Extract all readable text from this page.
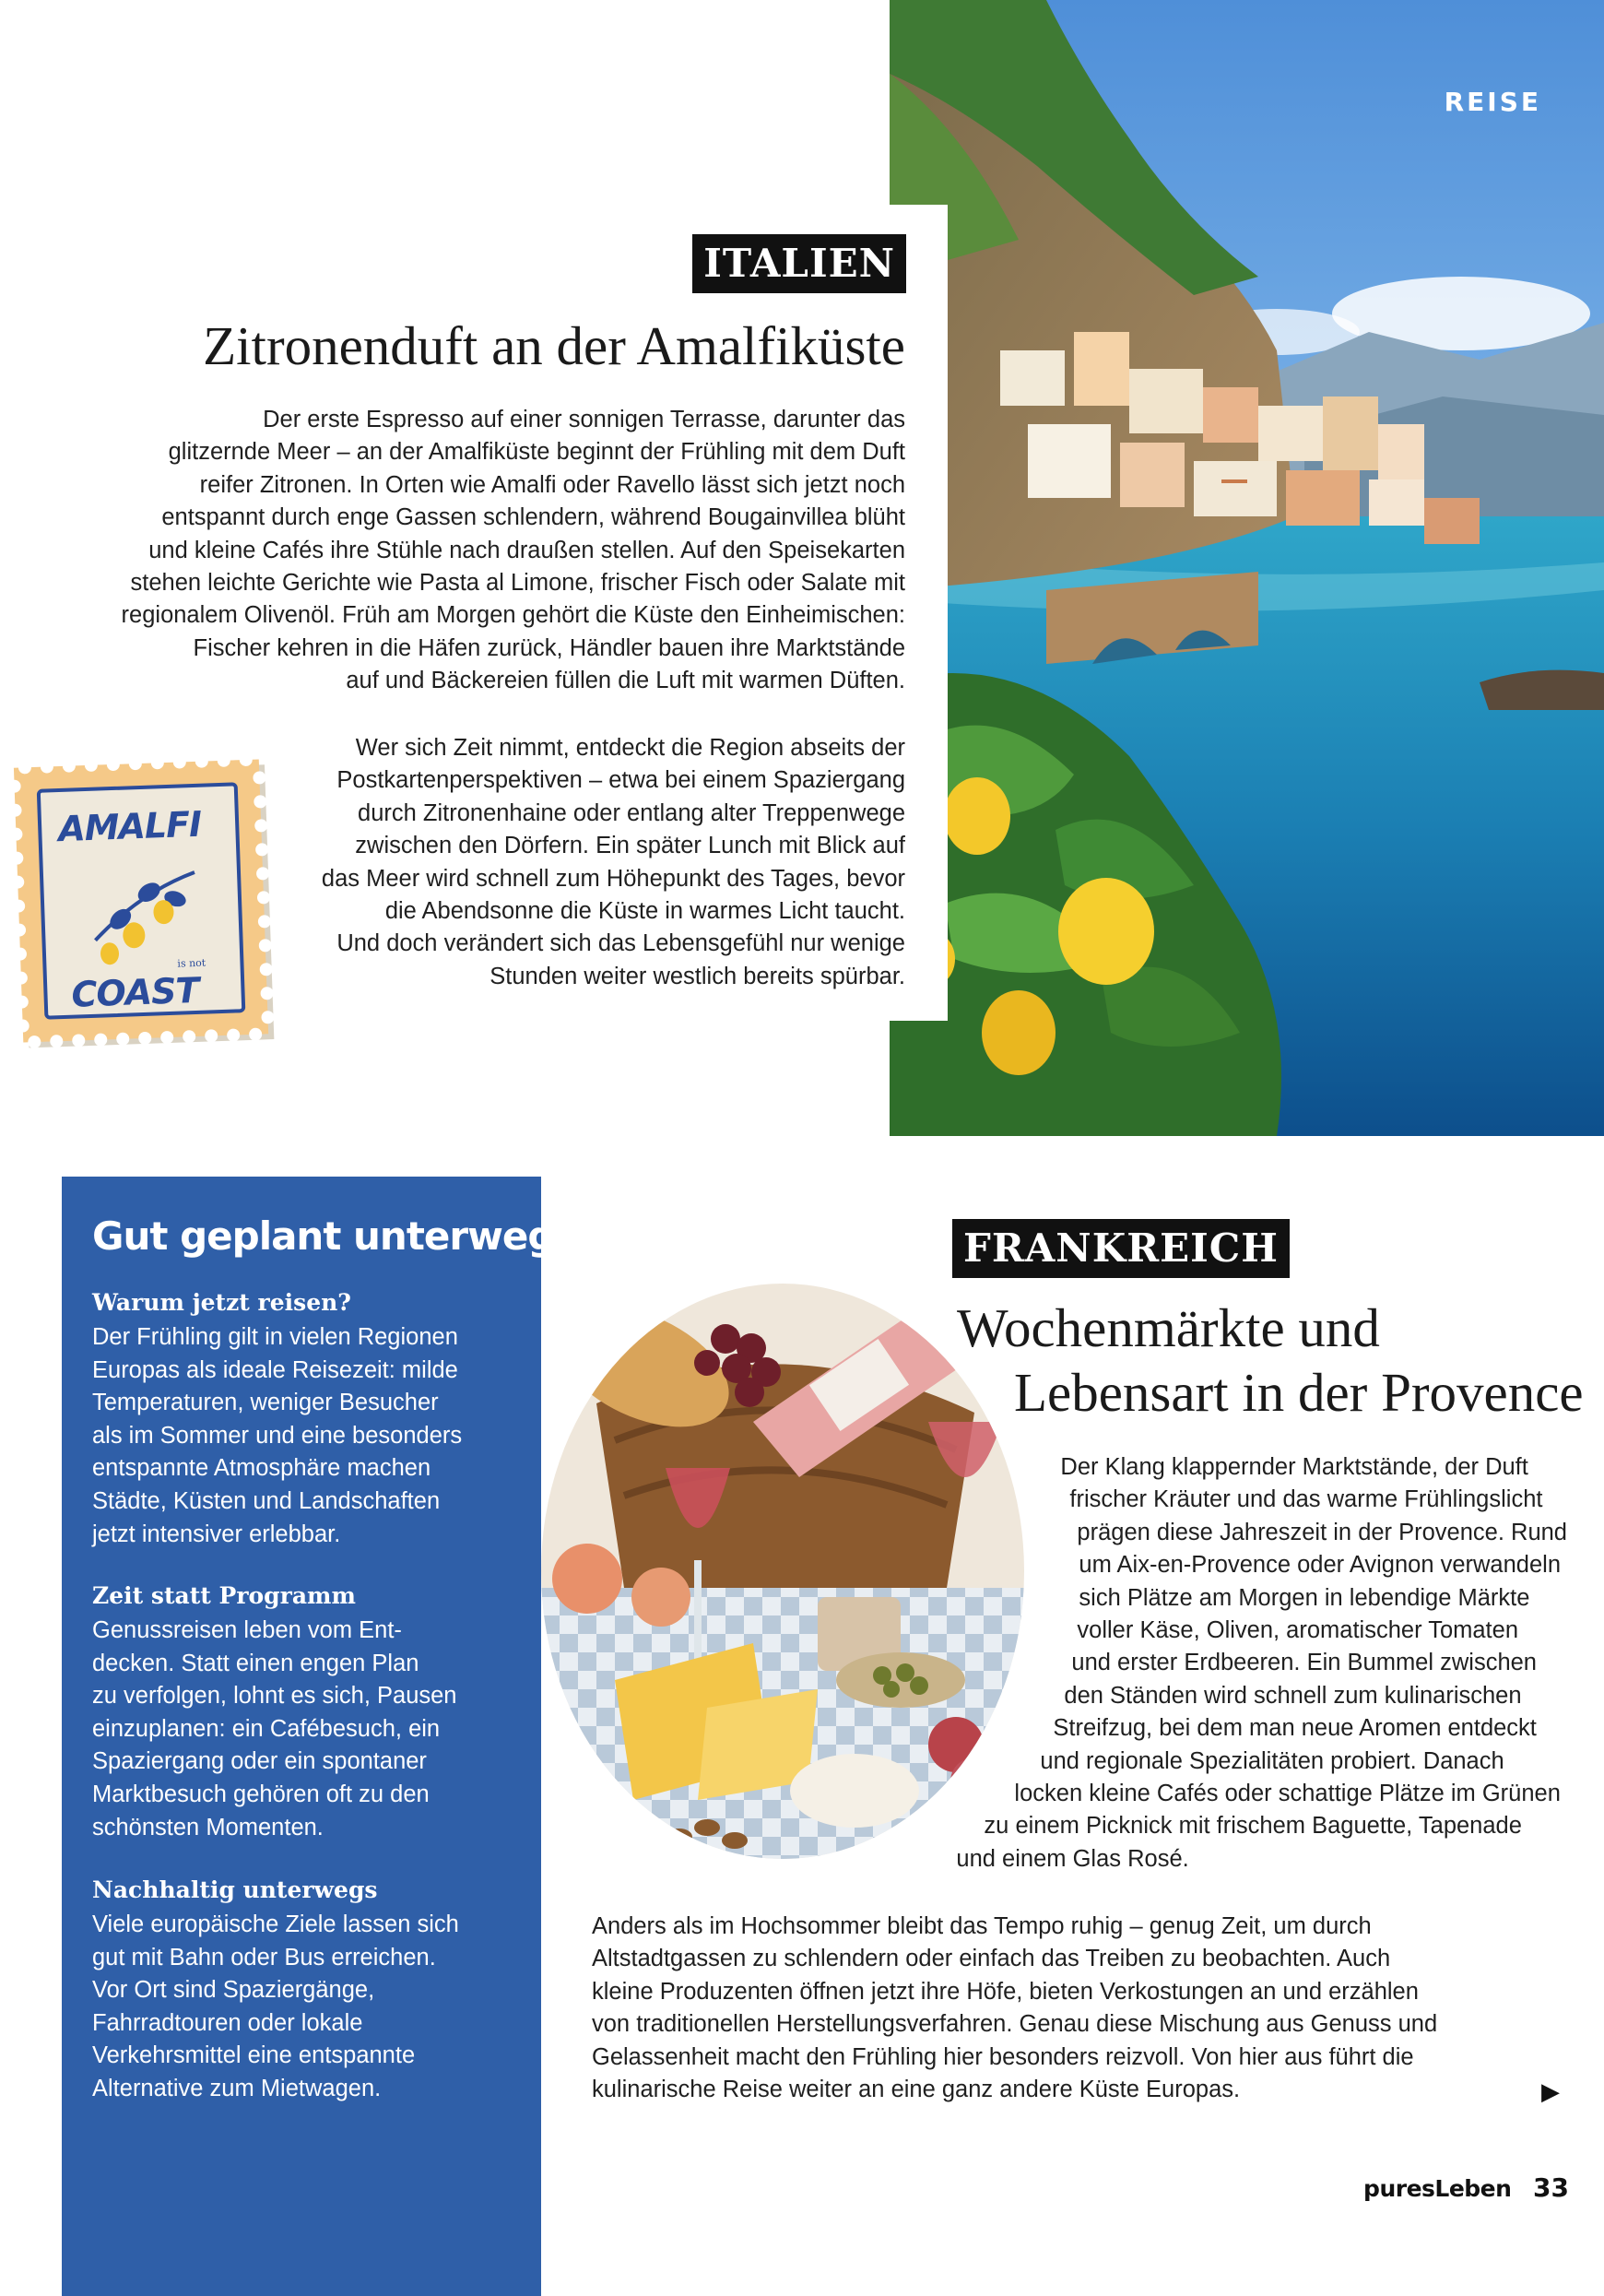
REISE
ITALIEN
Zitronenduft an der Amalfiküste

Der erste Espresso auf einer sonnigen Terrasse, darunter das
glitzernde Meer – an der Amalfiküste beginnt der Frühling mit dem Duft
reifer Zitronen. In Orten wie Amalfi oder Ravello lässt sich jetzt noch
entspannt durch enge Gassen schlendern, während Bougainvillea blüht
und kleine Cafés ihre Stühle nach draußen stellen. Auf den Speisekarten
stehen leichte Gerichte wie Pasta al Limone, frischer Fisch oder Salate mit
regionalem Olivenöl. Früh am Morgen gehört die Küste den Einheimischen:
Fischer kehren in die Häfen zurück, Händler bauen ihre Marktstände
auf und Bäckereien füllen die Luft mit warmen Düften.

Wer sich Zeit nimmt, entdeckt die Region abseits der
Postkartenperspektiven – etwa bei einem Spaziergang
durch Zitronenhaine oder entlang alter Treppenwege
zwischen den Dörfern. Ein später Lunch mit Blick auf
das Meer wird schnell zum Höhepunkt des Tages, bevor
die Abendsonne die Küste in warmes Licht taucht.
Und doch verändert sich das Lebensgefühl nur wenige
Stunden weiter westlich bereits spürbar.

AMALFI
is not
COAST
Gut geplant unterwegs
Warum jetzt reisen?

Der Frühling gilt in vielen Regionen
Europas als ideale Reisezeit: milde
Temperaturen, weniger Besucher
als im Sommer und eine besonders
entspannte Atmosphäre machen
Städte, Küsten und Landschaften
jetzt intensiver erlebbar.

Zeit statt Programm

Genussreisen leben vom Ent-
decken. Statt einen engen Plan
zu verfolgen, lohnt es sich, Pausen
einzuplanen: ein Cafébesuch, ein
Spaziergang oder ein spontaner
Marktbesuch gehören oft zu den
schönsten Momenten.

Nachhaltig unterwegs

Viele europäische Ziele lassen sich
gut mit Bahn oder Bus erreichen.
Vor Ort sind Spaziergänge,
Fahrradtouren oder lokale
Verkehrsmittel eine entspannte
Alternative zum Mietwagen.

FRANKREICH
Wochenmärkte und
Lebensart in der Provence

Der Klang klappernder Marktstände, der Duft
frischer Kräuter und das warme Frühlingslicht
prägen diese Jahreszeit in der Provence. Rund
um Aix-en-Provence oder Avignon verwandeln
sich Plätze am Morgen in lebendige Märkte
voller Käse, Oliven, aromatischer Tomaten
und erster Erdbeeren. Ein Bummel zwischen
den Ständen wird schnell zum kulinarischen
Streifzug, bei dem man neue Aromen entdeckt
und regionale Spezialitäten probiert. Danach
locken kleine Cafés oder schattige Plätze im Grünen
zu einem Picknick mit frischem Baguette, Tapenade
und einem Glas Rosé.

Anders als im Hochsommer bleibt das Tempo ruhig – genug Zeit, um durch
Altstadtgassen zu schlendern oder einfach das Treiben zu beobachten. Auch
kleine Produzenten öffnen jetzt ihre Höfe, bieten Verkostungen an und erzählen
von traditionellen Herstellungsverfahren. Genau diese Mischung aus Genuss und
Gelassenheit macht den Frühling hier besonders reizvoll. Von hier aus führt die
kulinarische Reise weiter an eine ganz andere Küste Europas.	▶
puresLeben 33
